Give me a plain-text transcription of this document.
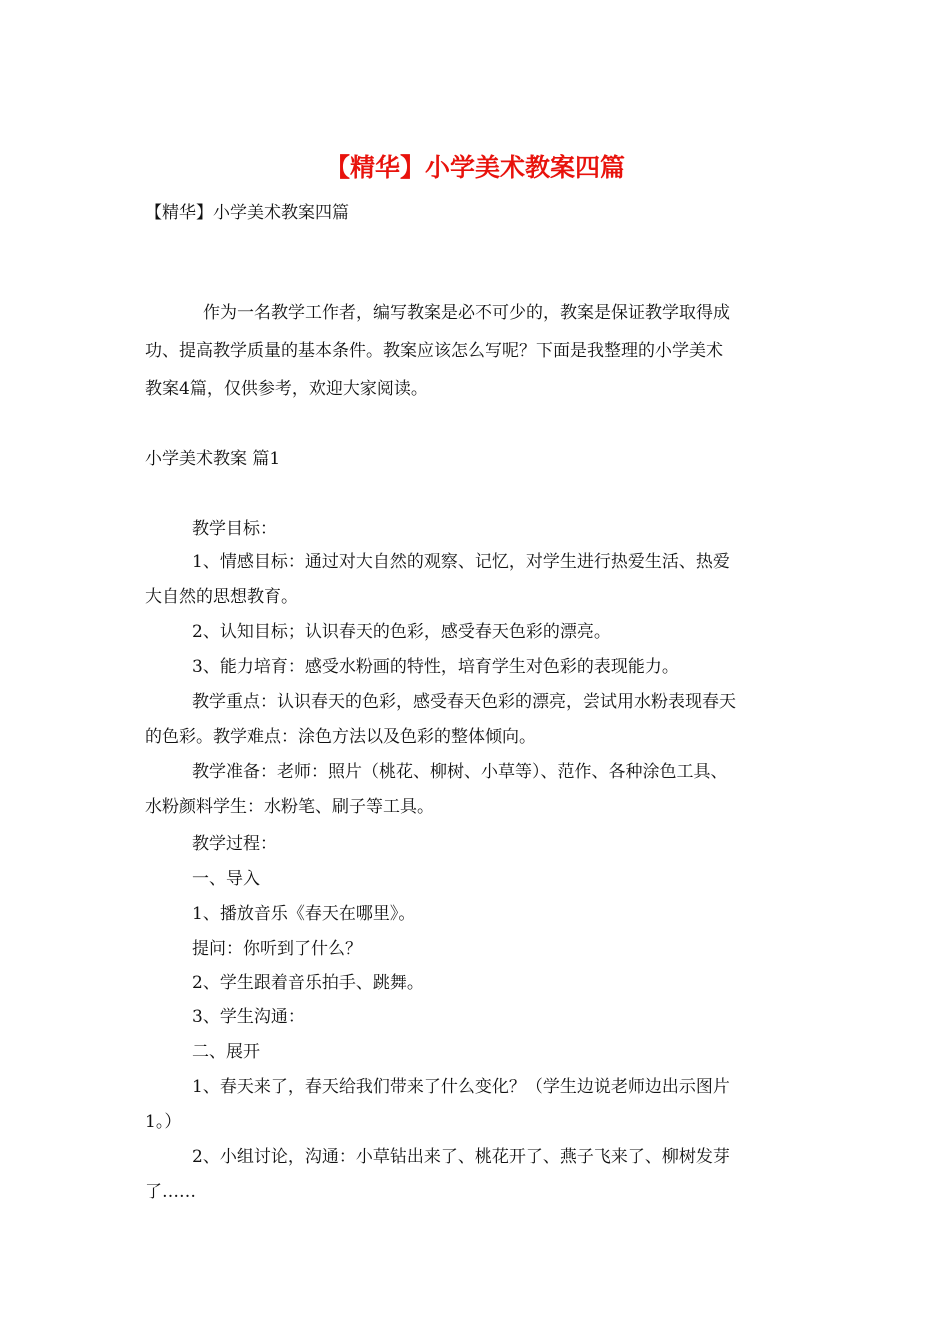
【精华】小学美术教案四篇
【精华】小学美术教案四篇
作为一名教学工作者，编写教案是必不可少的，教案是保证教学取得成
功、提高教学质量的基本条件。教案应该怎么写呢？下面是我整理的小学美术
教案4篇，仅供参考，欢迎大家阅读。
小学美术教案 篇1
教学目标：
1、情感目标：通过对大自然的观察、记忆，对学生进行热爱生活、热爱
大自然的思想教育。
2、认知目标；认识春天的色彩，感受春天色彩的漂亮。
3、能力培育：感受水粉画的特性，培育学生对色彩的表现能力。
教学重点：认识春天的色彩，感受春天色彩的漂亮，尝试用水粉表现春天
的色彩。教学难点：涂色方法以及色彩的整体倾向。
教学准备：老师：照片（桃花、柳树、小草等）、范作、各种涂色工具、
水粉颜料学生：水粉笔、刷子等工具。
教学过程：
一、导入
1、播放音乐《春天在哪里》。
提问：你听到了什么？
2、学生跟着音乐拍手、跳舞。
3、学生沟通：
二、展开
1、春天来了，春天给我们带来了什么变化？（学生边说老师边出示图片
1。）
2、小组讨论，沟通：小草钻出来了、桃花开了、燕子飞来了、柳树发芽
了……
